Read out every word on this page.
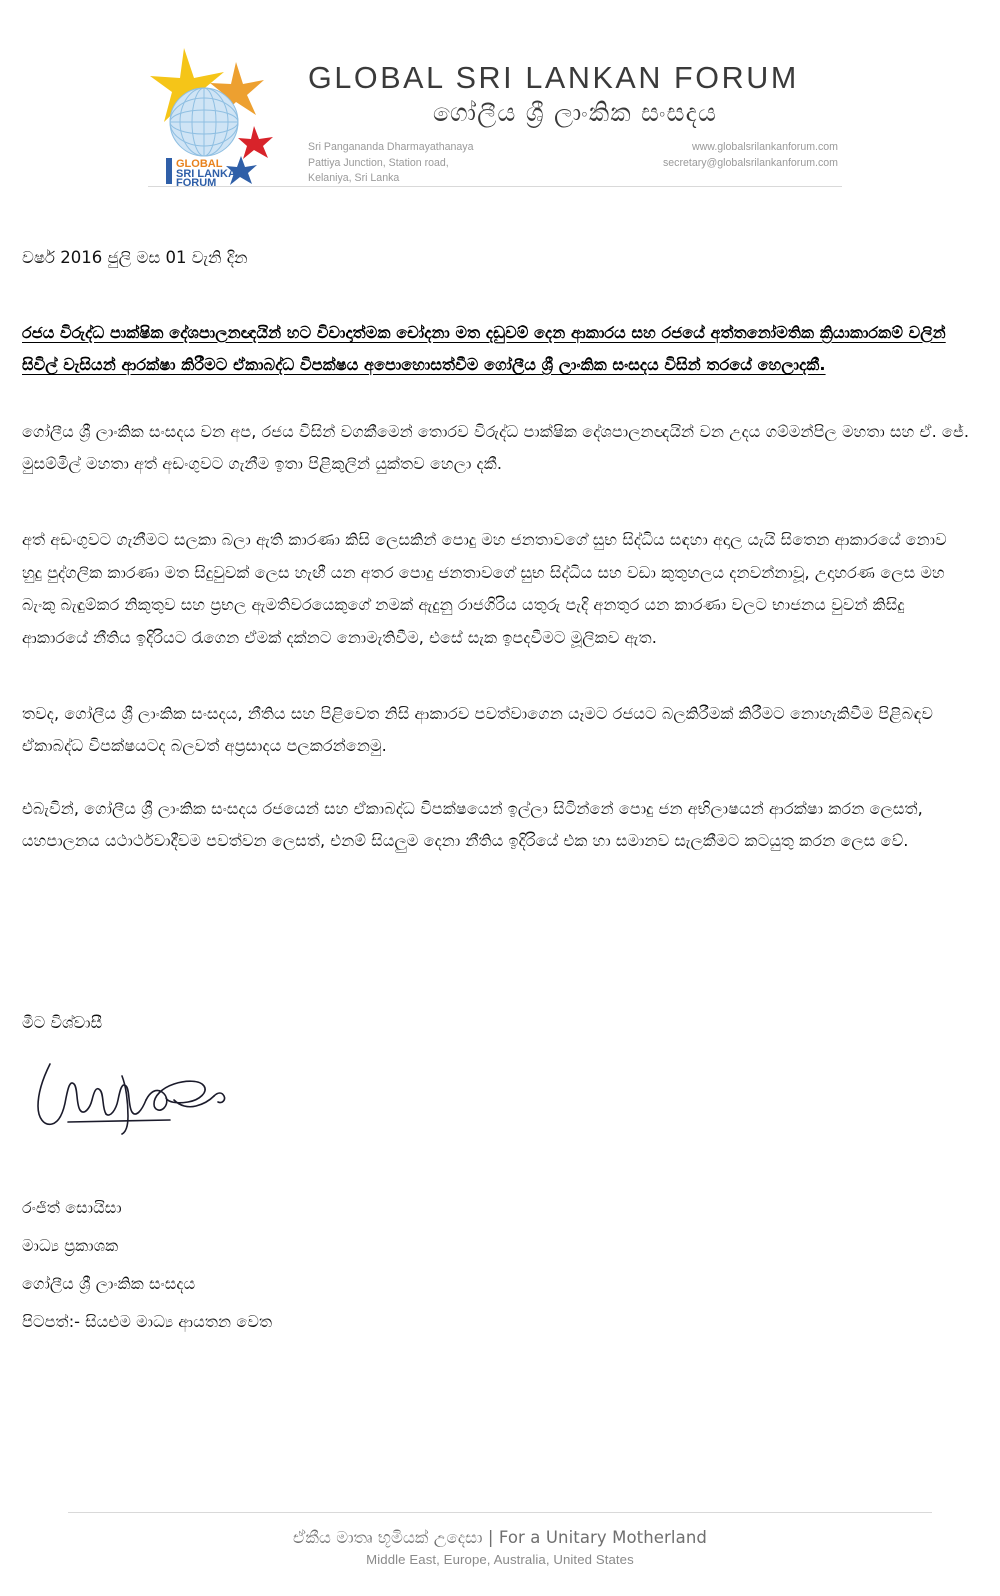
GLOBAL
SRI LANKAN
FORUM
GLOBAL SRI LANKAN FORUM
ගෝලීය ශ්‍රී ලාංකික සංසදය
Sri Pangananda Dharmayathanaya
Pattiya Junction, Station road,
Kelaniya, Sri Lanka
www.globalsrilankanforum.com
secretary@globalsrilankanforum.com

වර්ෂ 2016 ජුලි මස 01 වැනි දින

රජය විරුද්ධ පාක්ෂික දේශපාලනඥයින් හට විවාදාත්මක චෝදනා මත දඩුවම් දෙන ආකාරය සහ රජයේ අත්තනෝමතික ක්‍රියාකාරකම් වලින් සිවිල් වැසියන් ආරක්ෂා කිරීමට ඒකාබද්ධ විපක්ෂය අපොහොසත්වීම ගෝලීය ශ්‍රී ලාංකික සංසදය විසින් තරයේ හෙලාදකී.

ගෝලීය ශ්‍රී ලාංකික සංසදය වන අප, රජය විසින් වගකීමෙන් තොරව විරුද්ධ පාක්ෂික දේශපාලනඥයින් වන උදය ගම්මන්පිල මහතා සහ ඒ. ජේ. මුසම්මිල් මහතා අත් අඩංගුවට ගැනීම ඉතා පිළිකුලින් යුක්තව හෙලා දකී.

අත් අඩංගුවට ගැනීමට සලකා බලා ඇති කාරණා කිසි ලෙසකින් පොදු මහ ජනතාවගේ සුභ සිද්ධිය සඳහා අදාල යැයි සිතෙන ආකාරයේ නොව හුදු පුද්ගලික කාරණා මත සිදුවුවක් ලෙස හැඟී යන අතර පොදු ජනතාවගේ සුභ සිද්ධිය සහ වඩා කුතුහලය දනවන්නාවූ, උදාහරණ ලෙස මහ බැංකු බැඳුම්කර නිකුතුව සහ ප්‍රභල ඇමතිවරයෙකුගේ නමක් ඇදුනු රාජගිරිය යතුරු පැදි අනතුර යන කාරණා වලට භාජනය වුවන් කිසිදු ආකාරයේ නීතිය ඉදිරියට රැගෙන ඒමක් දක්නට නොමැතිවීම, එසේ සැක ඉපදවීමට මූලිකව ඇත.

තවද, ගෝලීය ශ්‍රී ලාංකික සංසදය, නීතිය සහ පිළිවෙත නිසි ආකාරව පවත්වාගෙන යෑමට රජයට බලකිරීමක් කිරීමට නොහැකිවීම පිළිබඳව ඒකාබද්ධ විපක්ෂයටද බලවත් අප්‍රසාදය පලකරන්නෙමු.

එබැවින්, ගෝලීය ශ්‍රී ලාංකික සංසදය රජයෙන් සහ ඒකාබද්ධ විපක්ෂයෙන් ඉල්ලා සිටින්නේ පොදු ජන අභිලාෂයන් ආරක්ෂා කරන ලෙසත්, යහපාලනය යථාර්ථවාදීවම පවත්වන ලෙසත්, එනම් සියලුම දෙනා නීතිය ඉදිරියේ එක හා සමානව සැලකීමට කටයුතු කරන ලෙස වේ.

මීට විශ්වාසී

රංජිත් සොයිසා

මාධ්‍ය ප්‍රකාශක

ගෝලීය ශ්‍රී ලාංකික සංසදය

පිටපත්:- සියළුම මාධ්‍ය ආයතන වෙත

ඒකීය මාතෘ භූමියක් උදෙසා | For a Unitary Motherland
Middle East, Europe, Australia, United States
